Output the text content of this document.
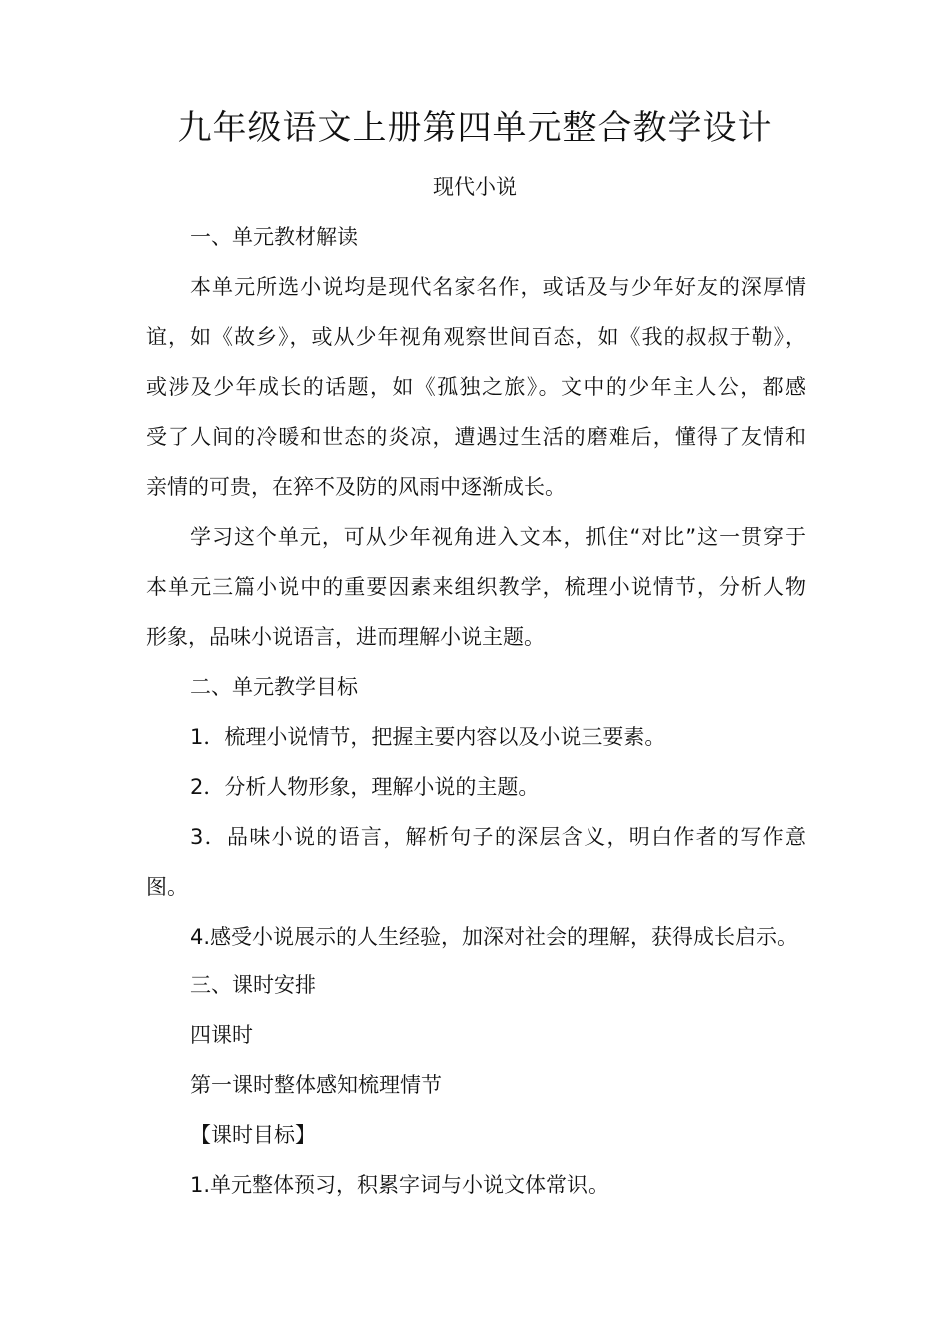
九年级语文上册第四单元整合教学设计
现代小说
一、单元教材解读
本单元所选小说均是现代名家名作，或话及与少年好友的深厚情
谊，如《故乡》，或从少年视角观察世间百态，如《我的叔叔于勒》，
或涉及少年成长的话题，如《孤独之旅》。文中的少年主人公，都感
受了人间的冷暖和世态的炎凉，遭遇过生活的磨难后，懂得了友情和
亲情的可贵，在猝不及防的风雨中逐渐成长。
学习这个单元，可从少年视角进入文本，抓住“对比”这一贯穿于
本单元三篇小说中的重要因素来组织教学，梳理小说情节，分析人物
形象，品味小说语言，进而理解小说主题。
二、单元教学目标
1．梳理小说情节，把握主要内容以及小说三要素。
2．分析人物形象，理解小说的主题。
3．品味小说的语言，解析句子的深层含义，明白作者的写作意
图。
4.感受小说展示的人生经验，加深对社会的理解，获得成长启示。
三、课时安排
四课时
第一课时整体感知梳理情节
【课时目标】
1.单元整体预习，积累字词与小说文体常识。
